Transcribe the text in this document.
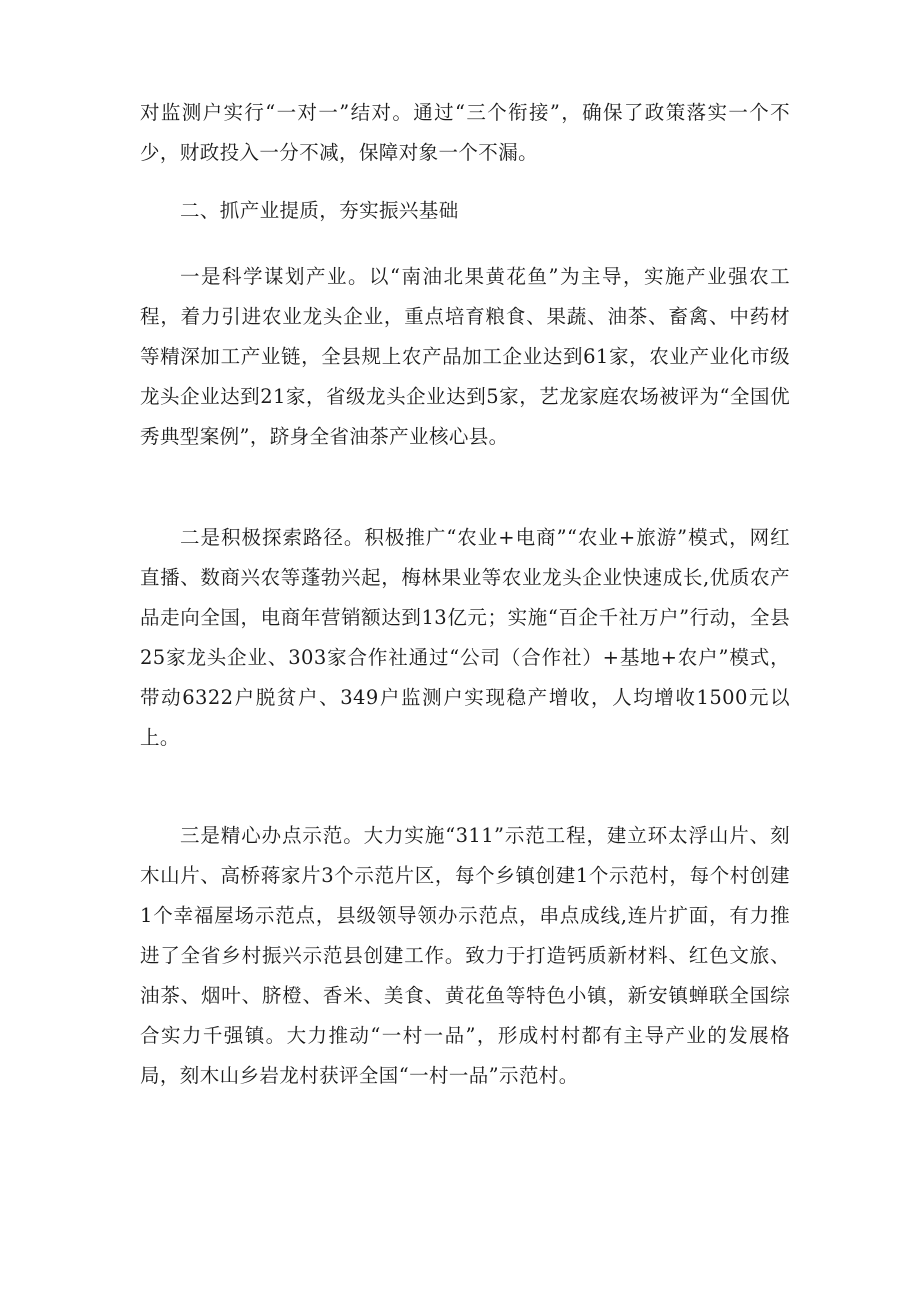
对监测户实行“一对一”结对。通过“三个衔接”，确保了政策落实一个不少，财政投入一分不减，保障对象一个不漏。

二、抓产业提质，夯实振兴基础

一是科学谋划产业。以“南油北果黄花鱼”为主导，实施产业强农工程，着力引进农业龙头企业，重点培育粮食、果蔬、油茶、畜禽、中药材等精深加工产业链，全县规上农产品加工企业达到61家，农业产业化市级龙头企业达到21家，省级龙头企业达到5家，艺龙家庭农场被评为“全国优秀典型案例”，跻身全省油茶产业核心县。

二是积极探索路径。积极推广“农业+电商”“农业+旅游”模式，网红直播、数商兴农等蓬勃兴起，梅林果业等农业龙头企业快速成长,优质农产品走向全国，电商年营销额达到13亿元；实施“百企千社万户”行动，全县25家龙头企业、303家合作社通过“公司（合作社）+基地+农户”模式，带动6322户脱贫户、349户监测户实现稳产增收，人均增收1500元以上。

三是精心办点示范。大力实施“311”示范工程，建立环太浮山片、刻木山片、高桥蒋家片3个示范片区，每个乡镇创建1个示范村，每个村创建1个幸福屋场示范点，县级领导领办示范点，串点成线,连片扩面，有力推进了全省乡村振兴示范县创建工作。致力于打造钙质新材料、红色文旅、油茶、烟叶、脐橙、香米、美食、黄花鱼等特色小镇，新安镇蝉联全国综合实力千强镇。大力推动“一村一品”，形成村村都有主导产业的发展格局，刻木山乡岩龙村获评全国“一村一品”示范村。
